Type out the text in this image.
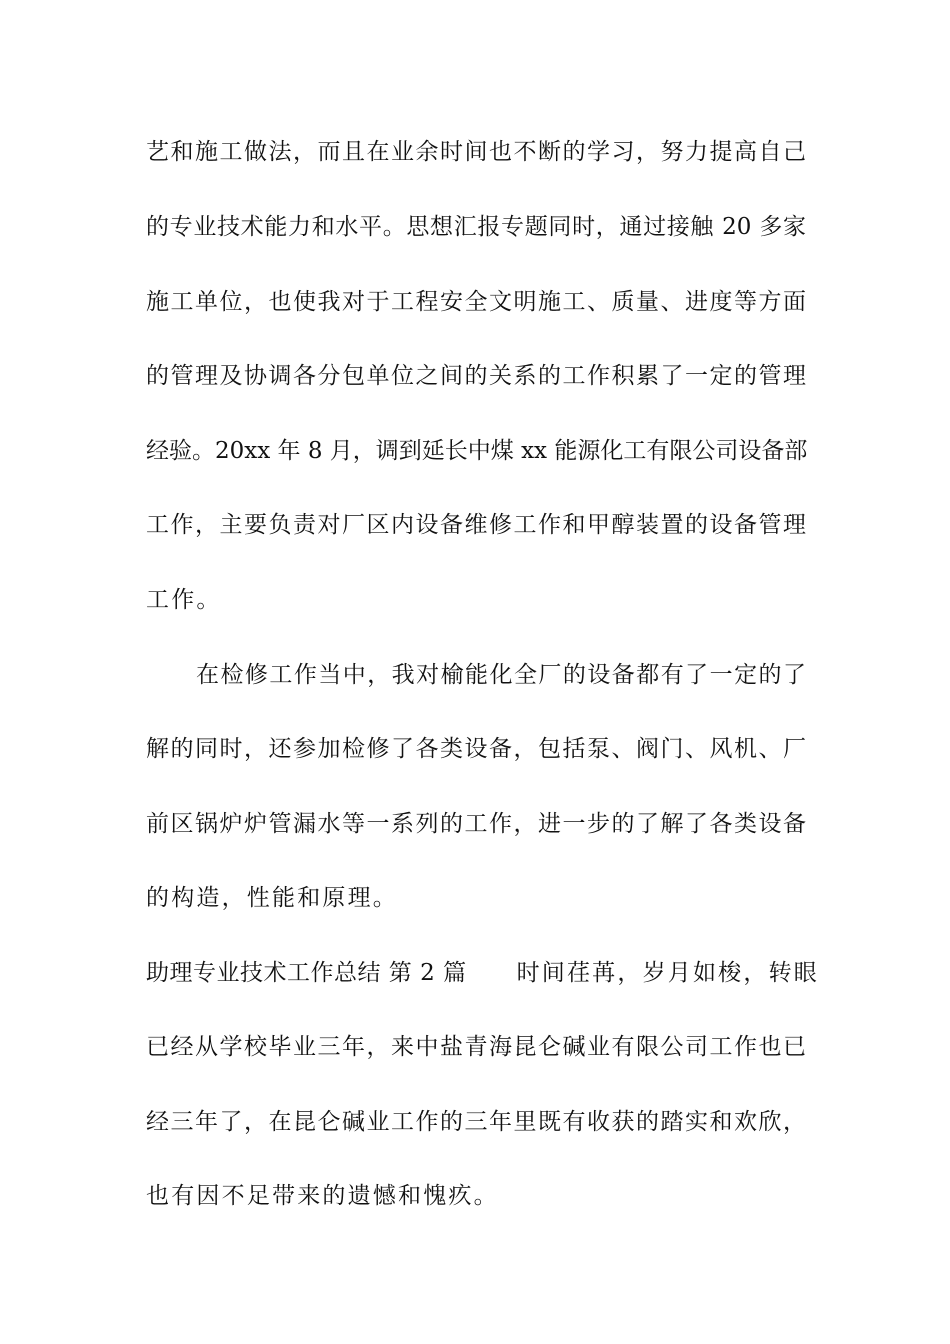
艺和施工做法，而且在业余时间也不断的学习，努力提高自己
的专业技术能力和水平。思想汇报专题同时，通过接触 20 多家
施工单位，也使我对于工程安全文明施工、质量、进度等方面
的管理及协调各分包单位之间的关系的工作积累了一定的管理
经验。20xx 年 8 月，调到延长中煤 xx 能源化工有限公司设备部
工作，主要负责对厂区内设备维修工作和甲醇装置的设备管理
工作。
在检修工作当中，我对榆能化全厂的设备都有了一定的了
解的同时，还参加检修了各类设备，包括泵、阀门、风机、厂
前区锅炉炉管漏水等一系列的工作，进一步的了解了各类设备
的构造，性能和原理。
助理专业技术工作总结 第 2 篇 时间荏苒，岁月如梭，转眼
已经从学校毕业三年，来中盐青海昆仑碱业有限公司工作也已
经三年了，在昆仑碱业工作的三年里既有收获的踏实和欢欣，
也有因不足带来的遗憾和愧疚。
